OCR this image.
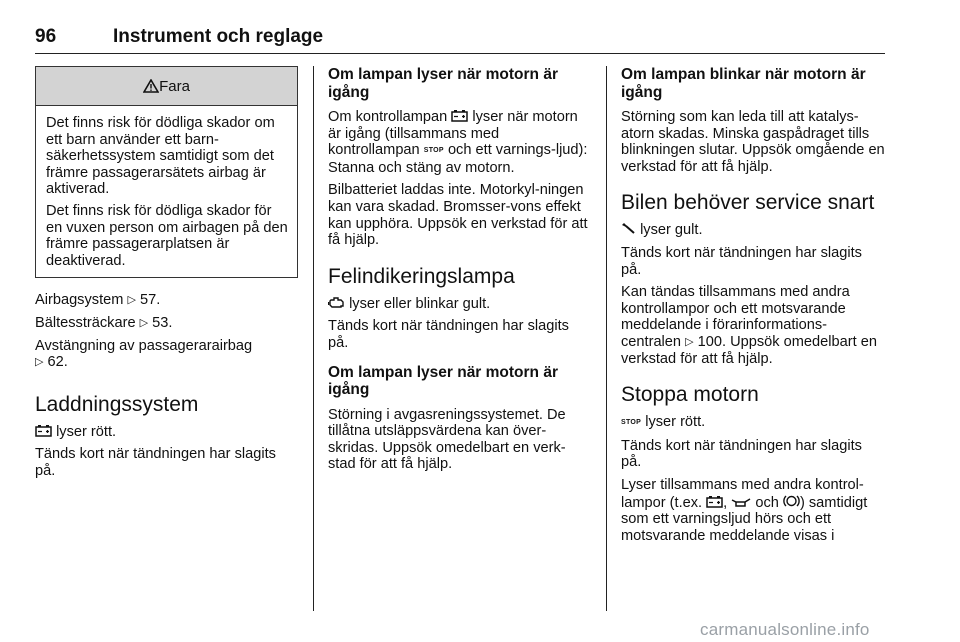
96	Instrument och reglage
Fara

Det finns risk för dödliga skador om ett barn använder ett barn-säkerhetssystem samtidigt som det främre passagerarsätets airbag är aktiverad.

Det finns risk för dödliga skador för en vuxen person om airbagen på den främre passagerarplatsen är deaktiverad.

Airbagsystem ▷ 57.

Bältessträckare ▷ 53.

Avstängning av passagerarairbag
▷ 62.

Laddningssystem

lyser rött.

Tänds kort när tändningen har slagits på.

Om lampan lyser när motorn är igång

Om kontrollampan lyser när motorn är igång (tillsammans med kontrollampan STOP och ett varnings-ljud): Stanna och stäng av motorn.

Bilbatteriet laddas inte. Motorkyl-ningen kan vara skadad. Bromsser-vons effekt kan upphöra. Uppsök en verkstad för att få hjälp.

Felindikeringslampa

lyser eller blinkar gult.

Tänds kort när tändningen har slagits på.

Om lampan lyser när motorn är igång

Störning i avgasreningssystemet. De tillåtna utsläppsvärdena kan över-skridas. Uppsök omedelbart en verk-stad för att få hjälp.

Om lampan blinkar när motorn är igång

Störning som kan leda till att katalys-atorn skadas. Minska gaspådraget tills blinkningen slutar. Uppsök omgående en verkstad för att få hjälp.

Bilen behöver service snart

lyser gult.

Tänds kort när tändningen har slagits på.

Kan tändas tillsammans med andra kontrollampor och ett motsvarande meddelande i förarinformations-centralen ▷ 100. Uppsök omedelbart en verkstad för att få hjälp.

Stoppa motorn

STOP lyser rött.

Tänds kort när tändningen har slagits på.

Lyser tillsammans med andra kontrol-lampor (t.ex. , och ) samtidigt som ett varningsljud hörs och ett motsvarande meddelande visas i

carmanualsonline.info
